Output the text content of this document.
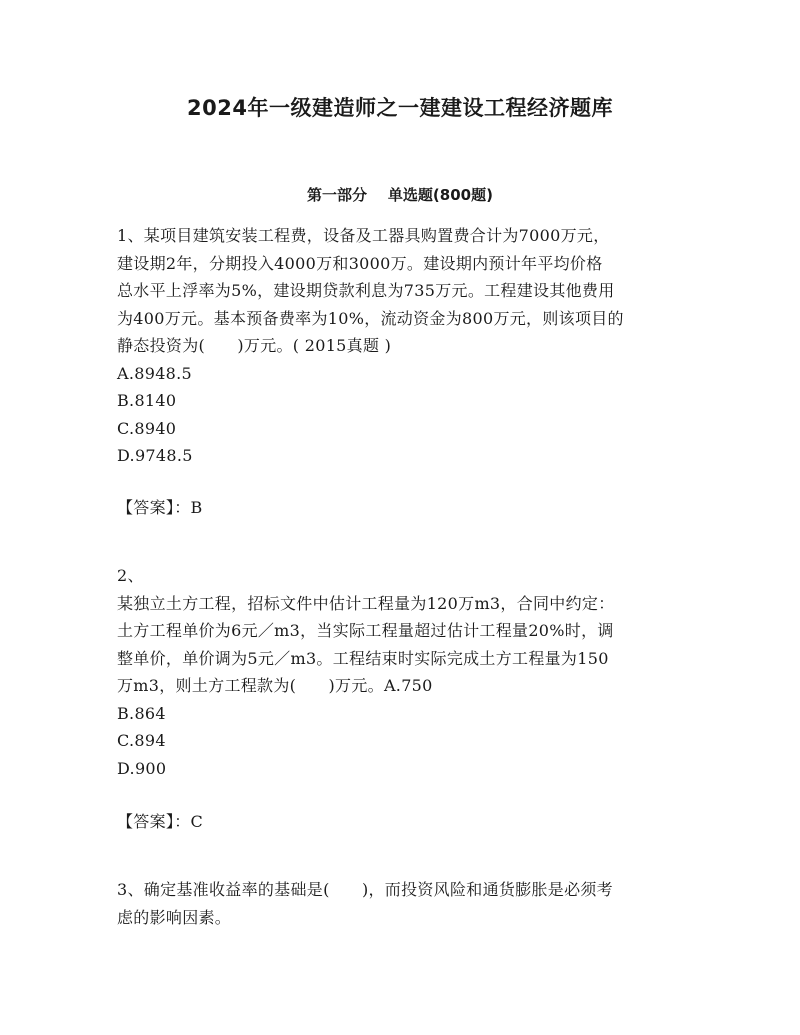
2024年一级建造师之一建建设工程经济题库
第一部分    单选题(800题)
1、某项目建筑安装工程费，设备及工器具购置费合计为7000万元，
建设期2年，分期投入4000万和3000万。建设期内预计年平均价格
总水平上浮率为5%，建设期贷款利息为735万元。工程建设其他费用
为400万元。基本预备费率为10%，流动资金为800万元，则该项目的
静态投资为(      )万元。( 2015真题 )
A.8948.5
B.8140
C.8940
D.9748.5
【答案】：B
2、
某独立土方工程，招标文件中估计工程量为120万m3，合同中约定：
土方工程单价为6元／m3，当实际工程量超过估计工程量20%时，调
整单价，单价调为5元／m3。工程结束时实际完成土方工程量为150
万m3，则土方工程款为(      )万元。A.750
B.864
C.894
D.900
【答案】：C
3、确定基准收益率的基础是(      )，而投资风险和通货膨胀是必须考
虑的影响因素。
